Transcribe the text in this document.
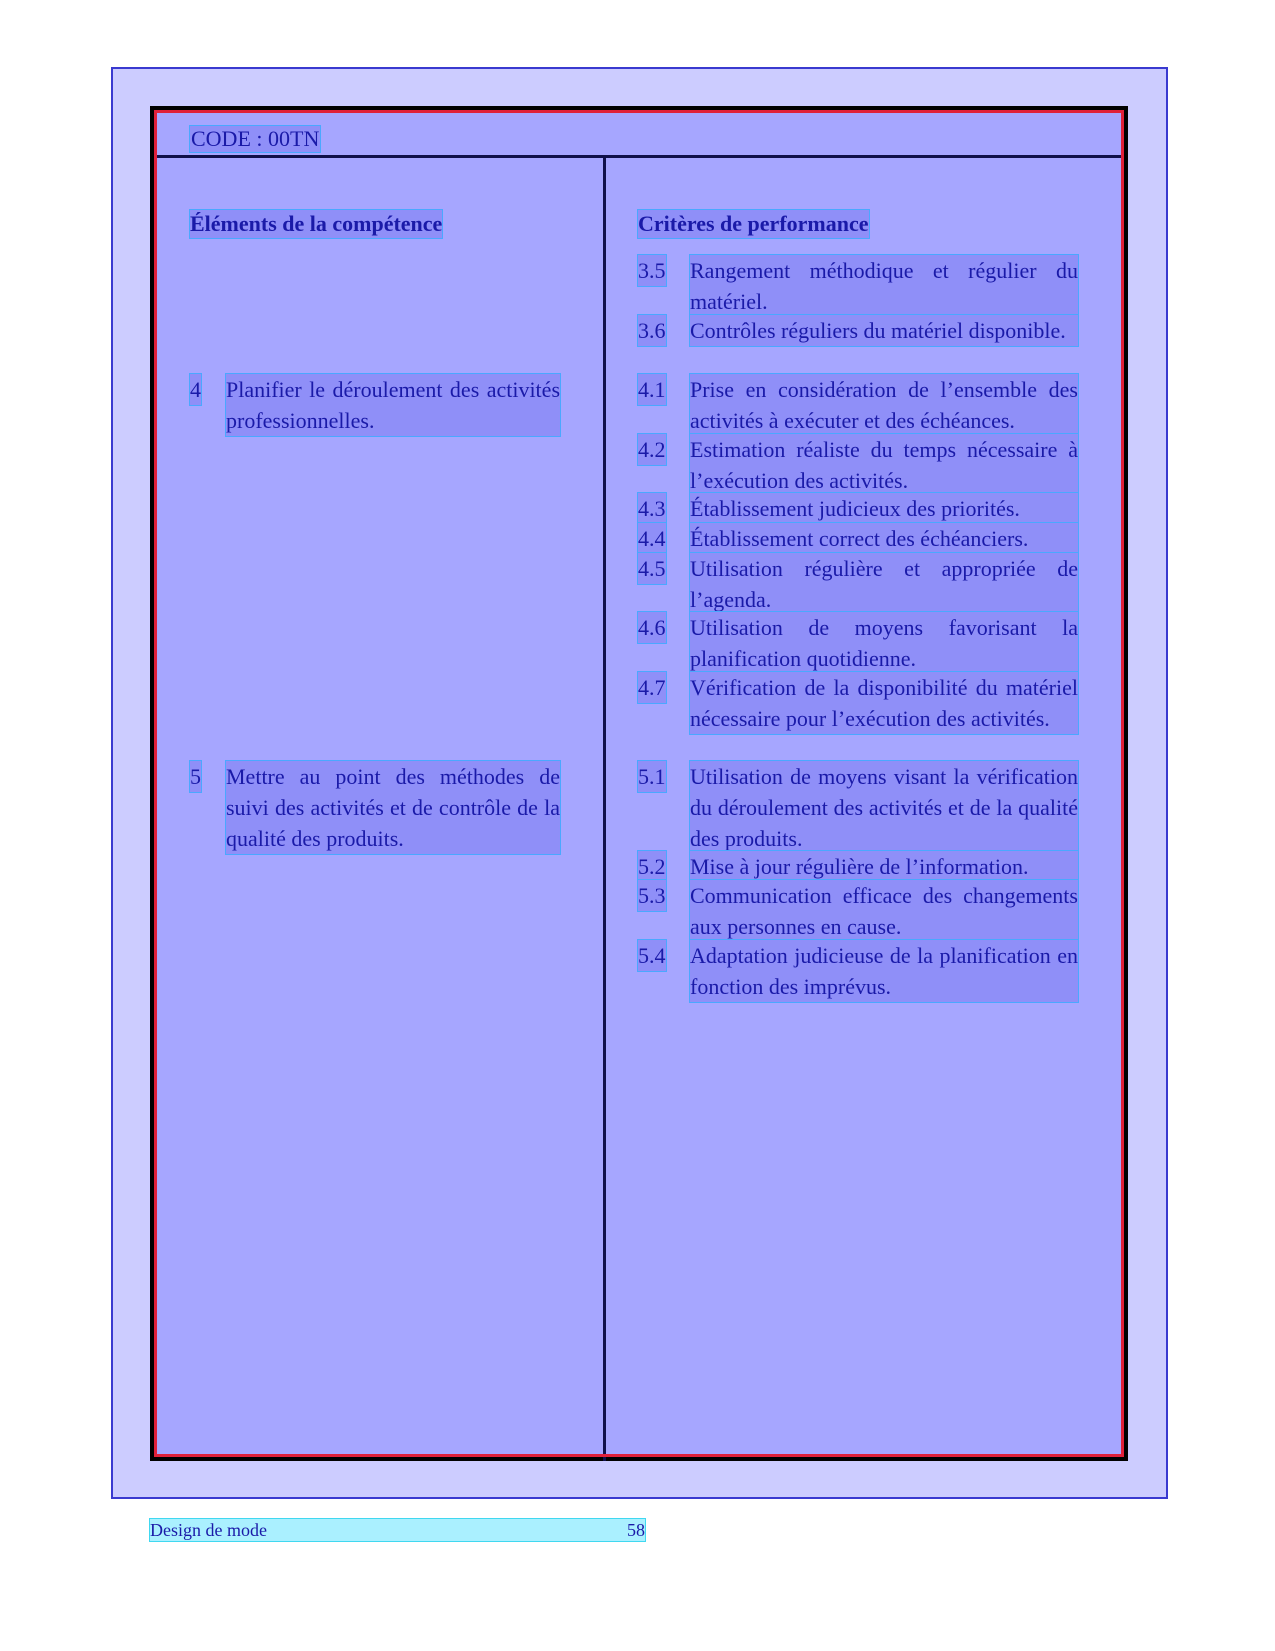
CODE : 00TN
Éléments de la compétence	Critères de performance
4 Planifier le déroulement des activités professionnelles.
5 Mettre au point des méthodes de suivi des activités et de contrôle de la qualité des produits.
3.5 Rangement méthodique et régulier du matériel.
3.6 Contrôles réguliers du matériel disponible.
4.1 Prise en considération de l’ensemble des activités à exécuter et des échéances.
4.2 Estimation réaliste du temps nécessaire à l’exécution des activités.
4.3 Établissement judicieux des priorités.
4.4 Établissement correct des échéanciers.
4.5 Utilisation régulière et appropriée de l’agenda.
4.6 Utilisation de moyens favorisant la planification quotidienne.
4.7 Vérification de la disponibilité du matériel nécessaire pour l’exécution des activités.
5.1 Utilisation de moyens visant la vérification du déroulement des activités et de la qualité des produits.
5.2 Mise à jour régulière de l’information.
5.3 Communication efficace des changements aux personnes en cause.
5.4 Adaptation judicieuse de la planification en fonction des imprévus.
Design de mode	58
